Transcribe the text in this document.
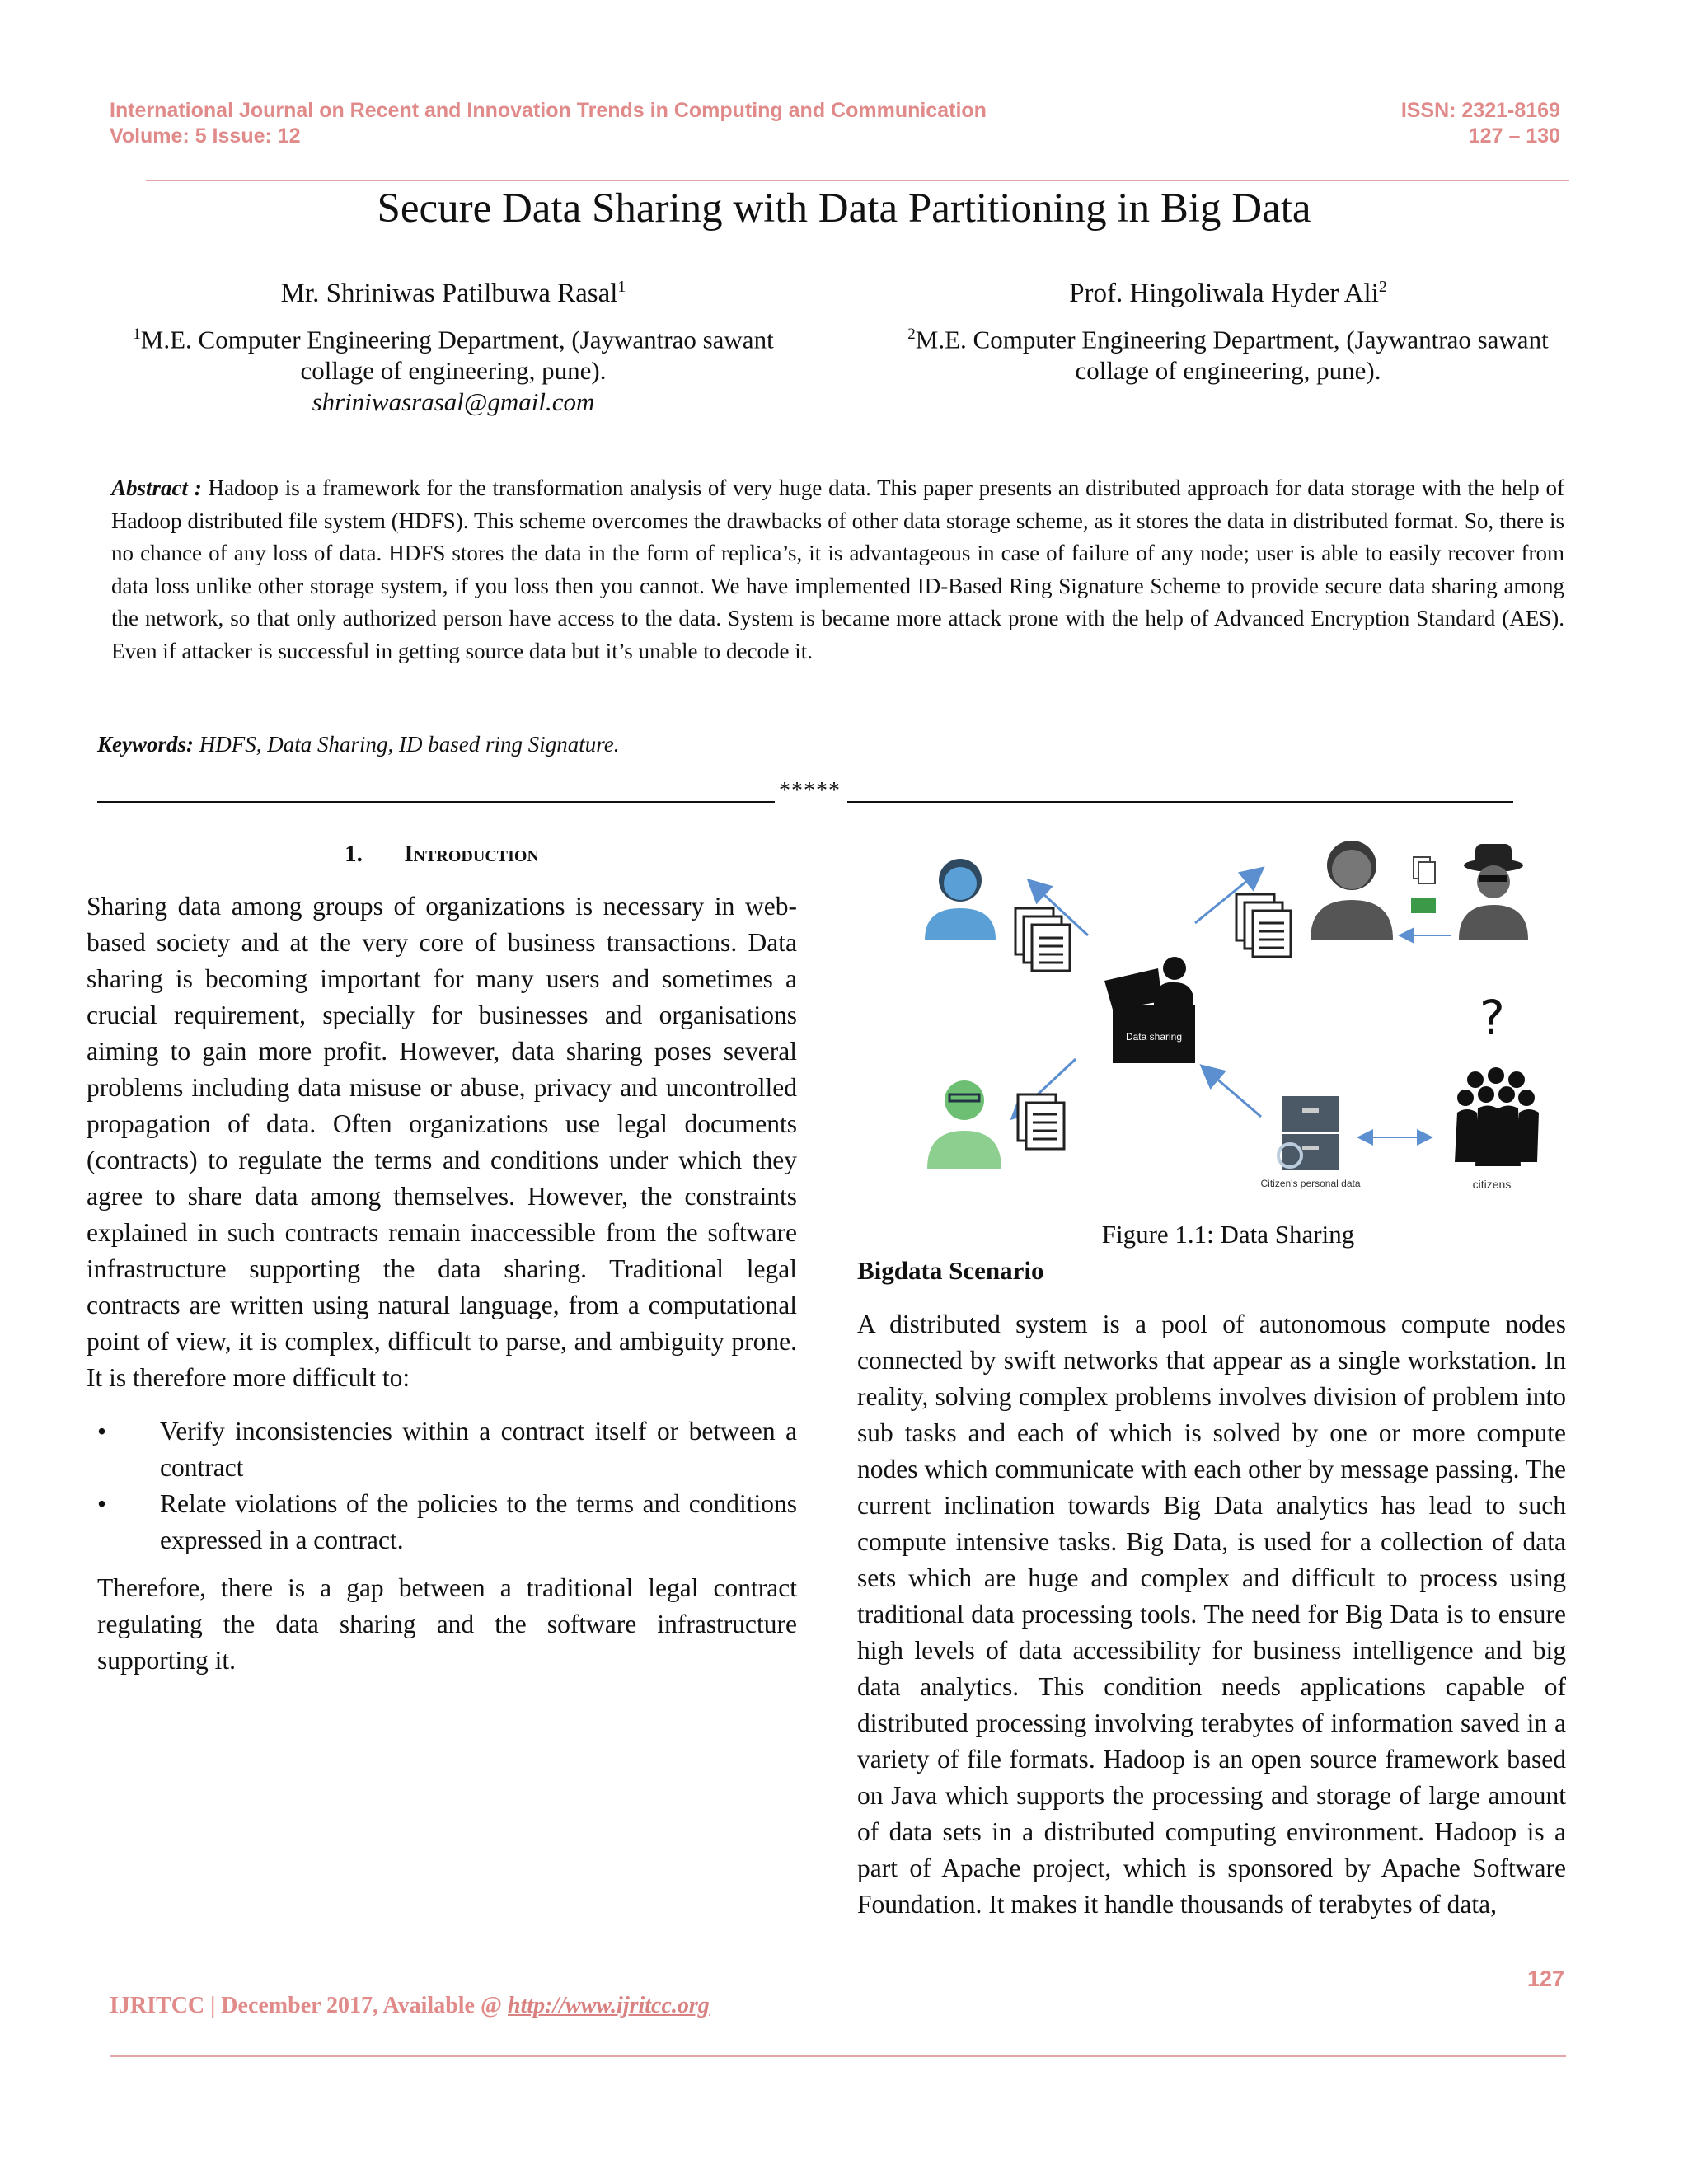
International Journal on Recent and Innovation Trends in Computing and Communication
Volume: 5 Issue: 12
ISSN: 2321-8169
127 – 130
Secure Data Sharing with Data Partitioning in Big Data
Mr. Shriniwas Patilbuwa Rasal$^1$	Prof. Hingoliwala Hyder Ali$^2$
$^1$M.E. Computer Engineering Department, (Jaywantrao sawant
collage of engineering, pune).
shriniwasrasal@gmail.com
$^2$M.E. Computer Engineering Department, (Jaywantrao sawant
collage of engineering, pune).
Abstract : Hadoop is a framework for the transformation analysis of very huge data. This paper presents an distributed approach for data storage with the help of Hadoop distributed file system (HDFS). This scheme overcomes the drawbacks of other data storage scheme, as it stores the data in distributed format. So, there is no chance of any loss of data. HDFS stores the data in the form of replica’s, it is advantageous in case of failure of any node; user is able to easily recover from data loss unlike other storage system, if you loss then you cannot. We have implemented ID-Based Ring Signature Scheme to provide secure data sharing among the network, so that only authorized person have access to the data. System is became more attack prone with the help of Advanced Encryption Standard (AES). Even if attacker is successful in getting source data but it’s unable to decode it.
Keywords: HDFS, Data Sharing, ID based ring Signature.
*****
1. Introduction
Sharing data among groups of organizations is necessary in web-based society and at the very core of business transactions. Data sharing is becoming important for many users and sometimes a crucial requirement, specially for businesses and organisations aiming to gain more profit. However, data sharing poses several problems including data misuse or abuse, privacy and uncontrolled propagation of data. Often organizations use legal documents (contracts) to regulate the terms and conditions under which they agree to share data among themselves. However, the constraints explained in such contracts remain inaccessible from the software infrastructure supporting the data sharing. Traditional legal contracts are written using natural language, from a computational point of view, it is complex, difficult to parse, and ambiguity prone. It is therefore more difficult to:
• Verify inconsistencies within a contract itself or between a contract
• Relate violations of the policies to the terms and conditions expressed in a contract.
Therefore, there is a gap between a traditional legal contract regulating the data sharing and the software infrastructure supporting it.
Data sharing	?
Citizen's personal data	citizens
Figure 1.1: Data Sharing
Bigdata Scenario
A distributed system is a pool of autonomous compute nodes connected by swift networks that appear as a single workstation. In reality, solving complex problems involves division of problem into sub tasks and each of which is solved by one or more compute nodes which communicate with each other by message passing. The current inclination towards Big Data analytics has lead to such compute intensive tasks. Big Data, is used for a collection of data sets which are huge and complex and difficult to process using traditional data processing tools. The need for Big Data is to ensure high levels of data accessibility for business intelligence and big data analytics. This condition needs applications capable of distributed processing involving terabytes of information saved in a variety of file formats. Hadoop is an open source framework based on Java which supports the processing and storage of large amount of data sets in a distributed computing environment. Hadoop is a part of Apache project, which is sponsored by Apache Software Foundation. It makes it handle thousands of terabytes of data,
127
IJRITCC | December 2017, Available @ http://www.ijritcc.org
